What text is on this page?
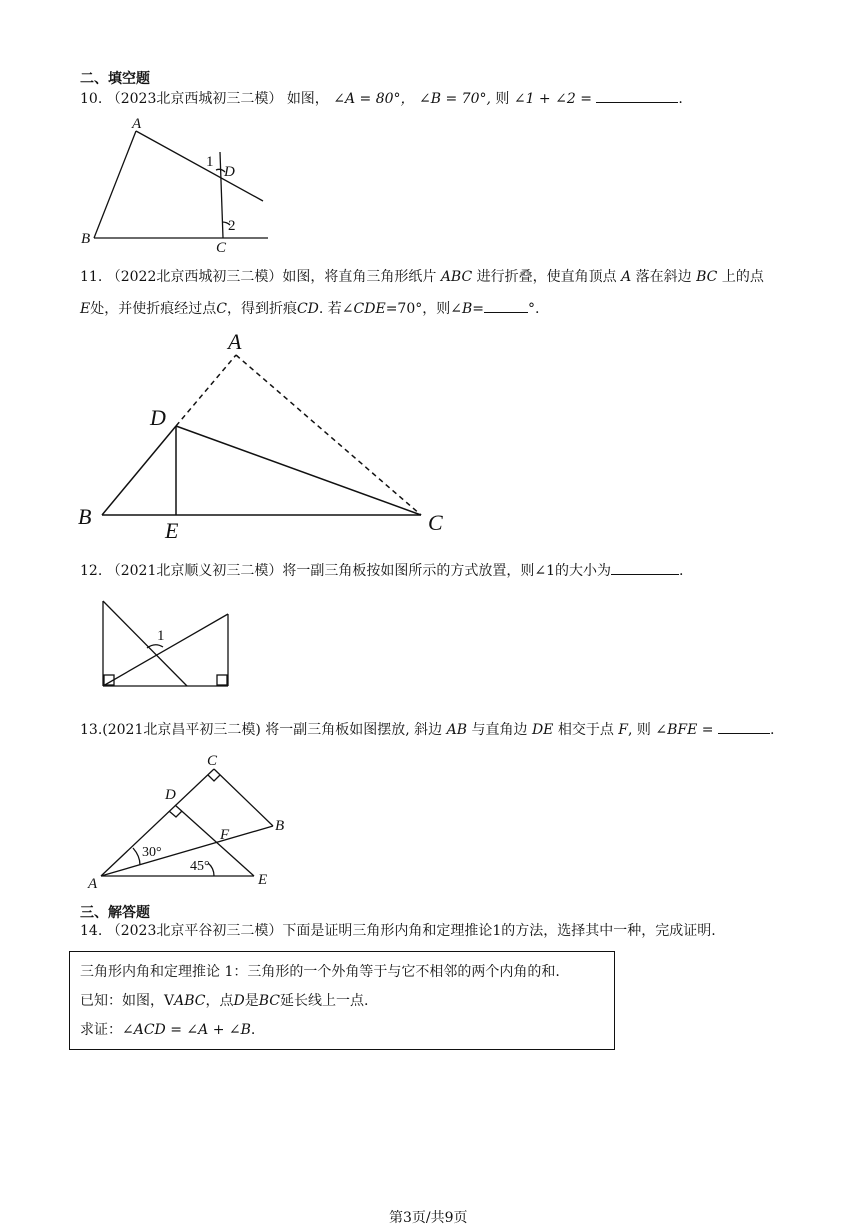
二、填空题
10. （2023北京西城初三二模） 如图， ∠A = 80°， ∠B = 70°, 则 ∠1 + ∠2 =	.
A
B
C
D
1
2
11. （2022北京西城初三二模）如图，将直角三角形纸片 ABC 进行折叠，使直角顶点 A 落在斜边 BC 上的点
E处，并使折痕经过点C，得到折痕CD. 若∠CDE=70°，则∠B=	°.
A
B	C
D
E
12. （2021北京顺义初三二模）将一副三角板按如图所示的方式放置，则∠1的大小为	.
1
13.(2021北京昌平初三二模) 将一副三角板如图摆放, 斜边 AB 与直角边 DE 相交于点 F, 则 ∠BFE =	.
C
D
B
F
A	E
30°
45°
三、解答题
14. （2023北京平谷初三二模）下面是证明三角形内角和定理推论1的方法，选择其中一种，完成证明.
三角形内角和定理推论 1：三角形的一个外角等于与它不相邻的两个内角的和.
已知：如图，VABC，点D是BC延长线上一点.
求证：∠ACD = ∠A + ∠B.
第3页/共9页
